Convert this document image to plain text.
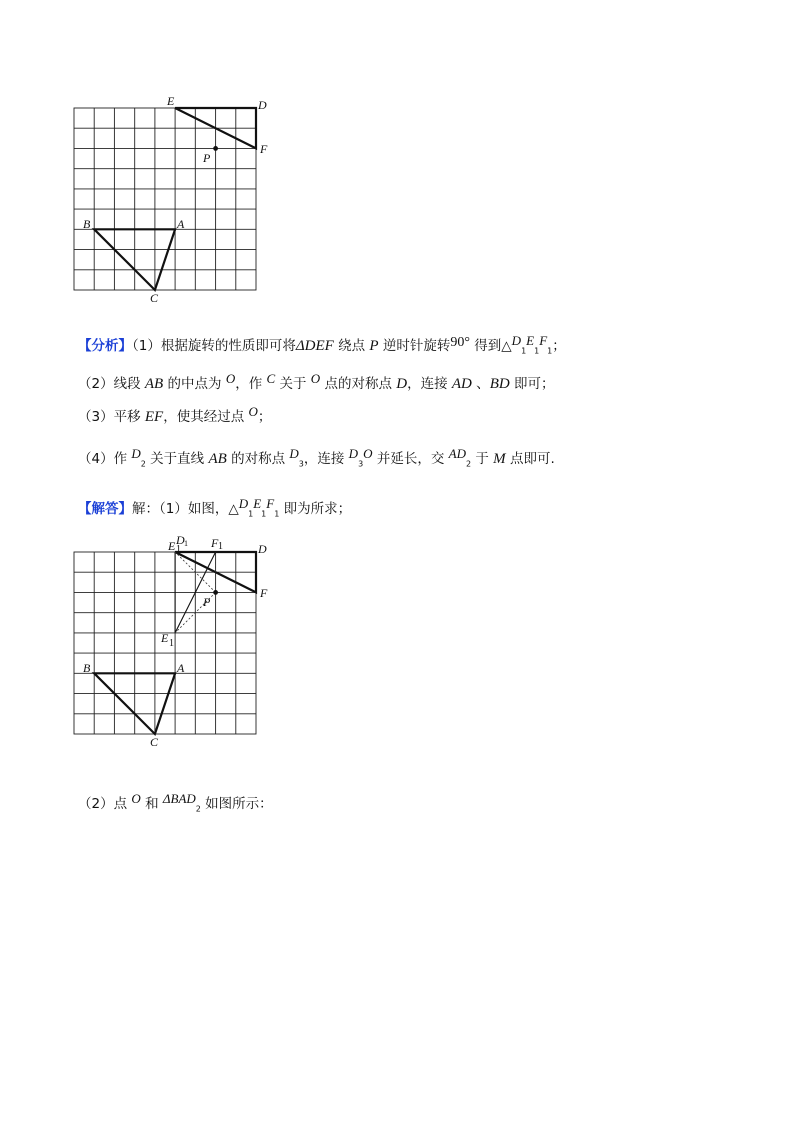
E	D
F
P
B	A
C
【分析】（1）根据旋转的性质即可将ΔDEF 绕点 P 逆时针旋转90° 得到$\triangle D_1E_1F_1$；
（2）线段 AB 的中点为 O，作 C 关于 O 点的对称点 D，连接 AD 、BD 即可；
（3）平移 EF，使其经过点 O；
（4）作 $D_2$ 关于直线 AB 的对称点 $D_3$，连接 $D_3O$ 并延长，交 $AD_2$ 于 M 点即可.
【解答】解：（1）如图，$\triangle D_1E_1F_1$ 即为所求；
D 1
E 1	F 1	D
F
P
E 1
B	A
C
（2）点 O 和 $\Delta BAD_2$ 如图所示：
